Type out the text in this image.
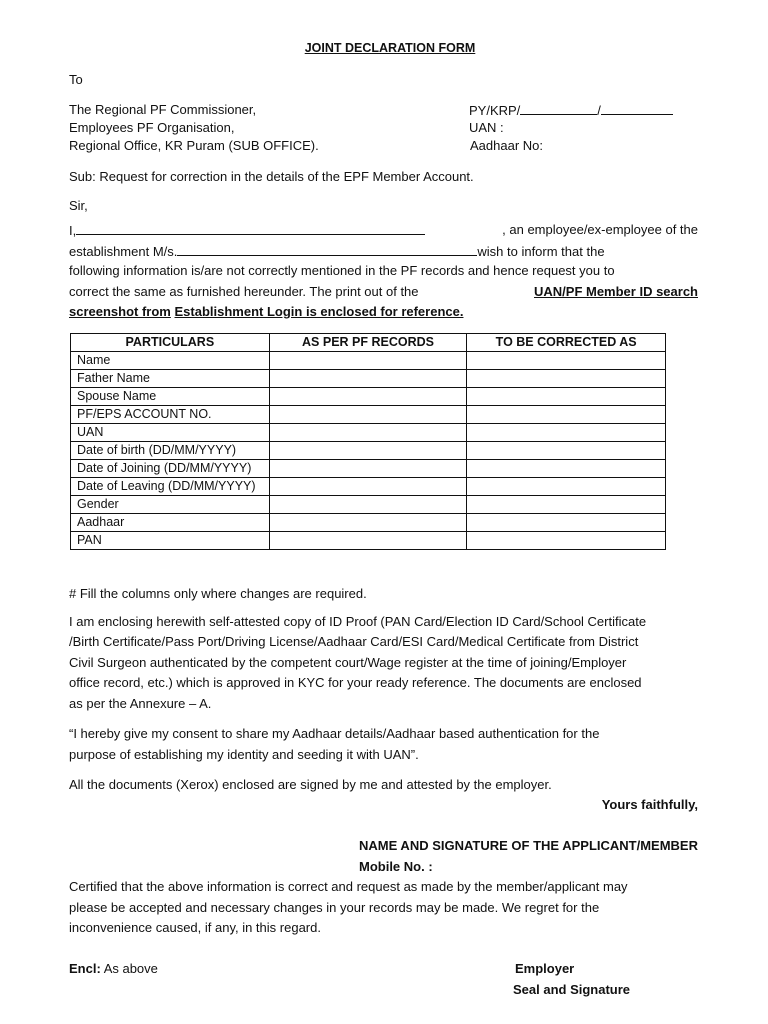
JOINT DECLARATION FORM
To
The Regional PF Commissioner,
Employees PF Organisation,
Regional Office, KR Puram (SUB OFFICE).
PY/KRP/	/
UAN :
Aadhaar No:
Sub: Request for correction in the details of the EPF Member Account.
Sir,
I,	, an employee/ex-employee of the
establishment M/s.	wish to inform that the
following information is/are not correctly mentioned in the PF records and hence request you to
correct the same as furnished hereunder. The print out of the	UAN/PF Member ID search
screenshot from Establishment Login is enclosed for reference.
PARTICULARS	AS PER PF RECORDS	TO BE CORRECTED AS
Name		
Father Name		
Spouse Name		
PF/EPS ACCOUNT NO.		
UAN		
Date of birth (DD/MM/YYYY)		
Date of Joining (DD/MM/YYYY)		
Date of Leaving (DD/MM/YYYY)		
Gender		
Aadhaar		
PAN		
# Fill the columns only where changes are required.
I am enclosing herewith self-attested copy of ID Proof (PAN Card/Election ID Card/School Certificate
/Birth Certificate/Pass Port/Driving License/Aadhaar Card/ESI Card/Medical Certificate from District
Civil Surgeon authenticated by the competent court/Wage register at the time of joining/Employer
office record, etc.) which is approved in KYC for your ready reference. The documents are enclosed
as per the Annexure – A.
“I hereby give my consent to share my Aadhaar details/Aadhaar based authentication for the
purpose of establishing my identity and seeding it with UAN”.
All the documents (Xerox) enclosed are signed by me and attested by the employer.
Yours faithfully,
NAME AND SIGNATURE OF THE APPLICANT/MEMBER
Mobile No. :
Certified that the above information is correct and request as made by the member/applicant may
please be accepted and necessary changes in your records may be made. We regret for the
inconvenience caused, if any, in this regard.
Encl: As above	Employer
Seal and Signature
